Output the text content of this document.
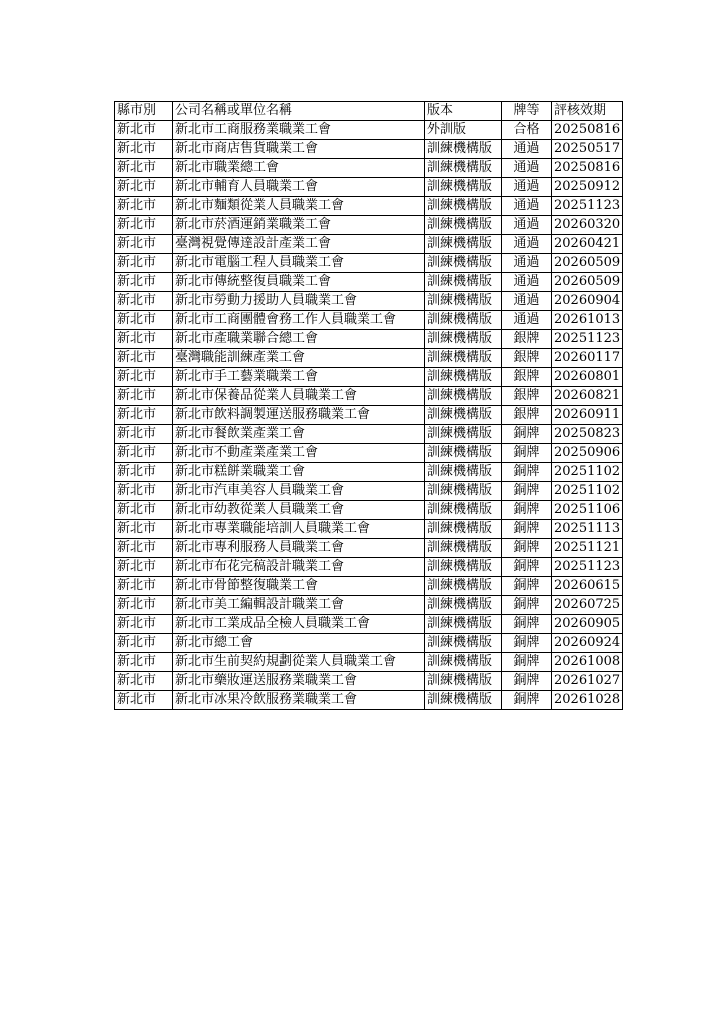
縣市別	公司名稱或單位名稱	版本	牌等	評核效期
新北市	新北市工商服務業職業工會	外訓版	合格	20250816
新北市	新北市商店售貨職業工會	訓練機構版	通過	20250517
新北市	新北市職業總工會	訓練機構版	通過	20250816
新北市	新北市輔育人員職業工會	訓練機構版	通過	20250912
新北市	新北市麵類從業人員職業工會	訓練機構版	通過	20251123
新北市	新北市菸酒運銷業職業工會	訓練機構版	通過	20260320
新北市	臺灣視覺傳達設計產業工會	訓練機構版	通過	20260421
新北市	新北市電腦工程人員職業工會	訓練機構版	通過	20260509
新北市	新北市傳統整復員職業工會	訓練機構版	通過	20260509
新北市	新北市勞動力援助人員職業工會	訓練機構版	通過	20260904
新北市	新北市工商團體會務工作人員職業工會	訓練機構版	通過	20261013
新北市	新北市產職業聯合總工會	訓練機構版	銀牌	20251123
新北市	臺灣職能訓練產業工會	訓練機構版	銀牌	20260117
新北市	新北市手工藝業職業工會	訓練機構版	銀牌	20260801
新北市	新北市保養品從業人員職業工會	訓練機構版	銀牌	20260821
新北市	新北市飲料調製運送服務職業工會	訓練機構版	銀牌	20260911
新北市	新北市餐飲業產業工會	訓練機構版	銅牌	20250823
新北市	新北市不動產業產業工會	訓練機構版	銅牌	20250906
新北市	新北市糕餅業職業工會	訓練機構版	銅牌	20251102
新北市	新北市汽車美容人員職業工會	訓練機構版	銅牌	20251102
新北市	新北市幼教從業人員職業工會	訓練機構版	銅牌	20251106
新北市	新北市專業職能培訓人員職業工會	訓練機構版	銅牌	20251113
新北市	新北市專利服務人員職業工會	訓練機構版	銅牌	20251121
新北市	新北市布花完稿設計職業工會	訓練機構版	銅牌	20251123
新北市	新北市骨節整復職業工會	訓練機構版	銅牌	20260615
新北市	新北市美工編輯設計職業工會	訓練機構版	銅牌	20260725
新北市	新北市工業成品全檢人員職業工會	訓練機構版	銅牌	20260905
新北市	新北市總工會	訓練機構版	銅牌	20260924
新北市	新北市生前契約規劃從業人員職業工會	訓練機構版	銅牌	20261008
新北市	新北市藥妝運送服務業職業工會	訓練機構版	銅牌	20261027
新北市	新北市冰果冷飲服務業職業工會	訓練機構版	銅牌	20261028
